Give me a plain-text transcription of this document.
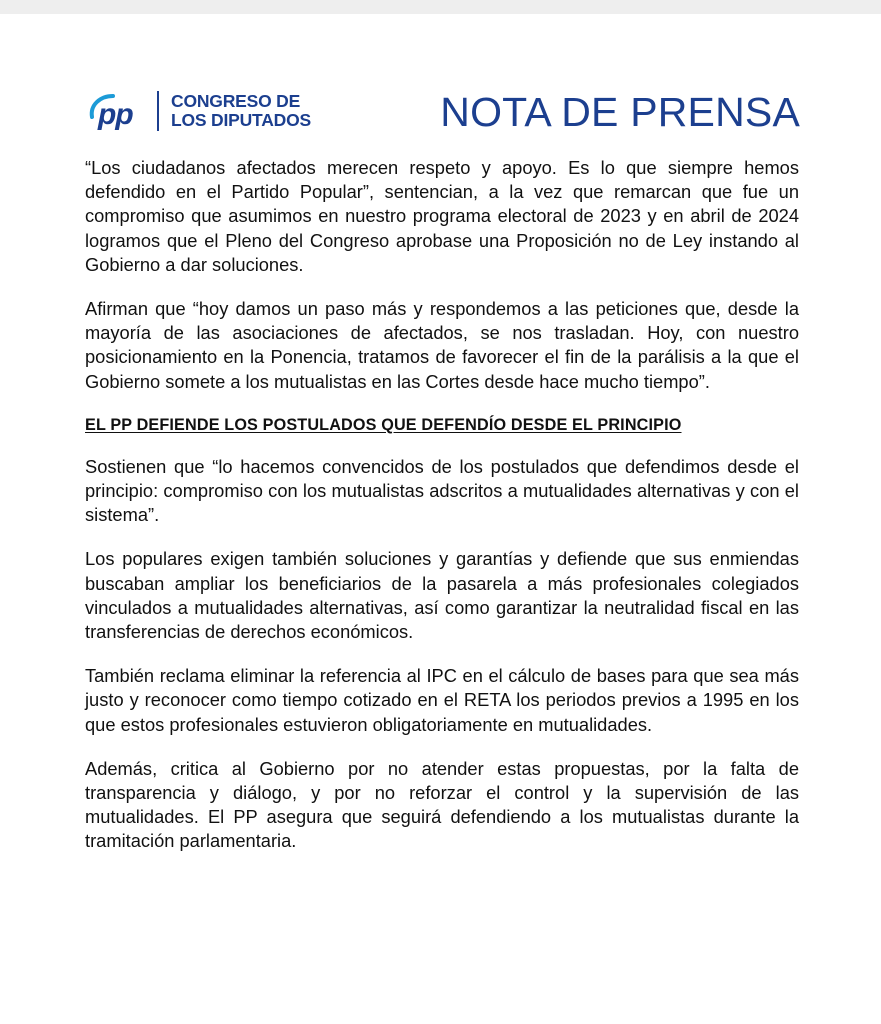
pp CONGRESO DE
LOS DIPUTADOS	NOTA DE PRENSA

“Los ciudadanos afectados merecen respeto y apoyo. Es lo que siempre hemos defendido en el Partido Popular”, sentencian, a la vez que remarcan que fue un compromiso que asumimos en nuestro programa electoral de 2023 y en abril de 2024 logramos que el Pleno del Congreso aprobase una Proposición no de Ley instando al Gobierno a dar soluciones.

Afirman que “hoy damos un paso más y respondemos a las peticiones que, desde la mayoría de las asociaciones de afectados, se nos trasladan. Hoy, con nuestro posicionamiento en la Ponencia, tratamos de favorecer el fin de la parálisis a la que el Gobierno somete a los mutualistas en las Cortes desde hace mucho tiempo”.

EL PP DEFIENDE LOS POSTULADOS QUE DEFENDÍO DESDE EL PRINCIPIO

Sostienen que “lo hacemos convencidos de los postulados que defendimos desde el principio: compromiso con los mutualistas adscritos a mutualidades alternativas y con el sistema”.

Los populares exigen también soluciones y garantías y defiende que sus enmiendas buscaban ampliar los beneficiarios de la pasarela a más profesionales colegiados vinculados a mutualidades alternativas, así como garantizar la neutralidad fiscal en las transferencias de derechos económicos.

También reclama eliminar la referencia al IPC en el cálculo de bases para que sea más justo y reconocer como tiempo cotizado en el RETA los periodos previos a 1995 en los que estos profesionales estuvieron obligatoriamente en mutualidades.

Además, critica al Gobierno por no atender estas propuestas, por la falta de transparencia y diálogo, y por no reforzar el control y la supervisión de las mutualidades. El PP asegura que seguirá defendiendo a los mutualistas durante la tramitación parlamentaria.
